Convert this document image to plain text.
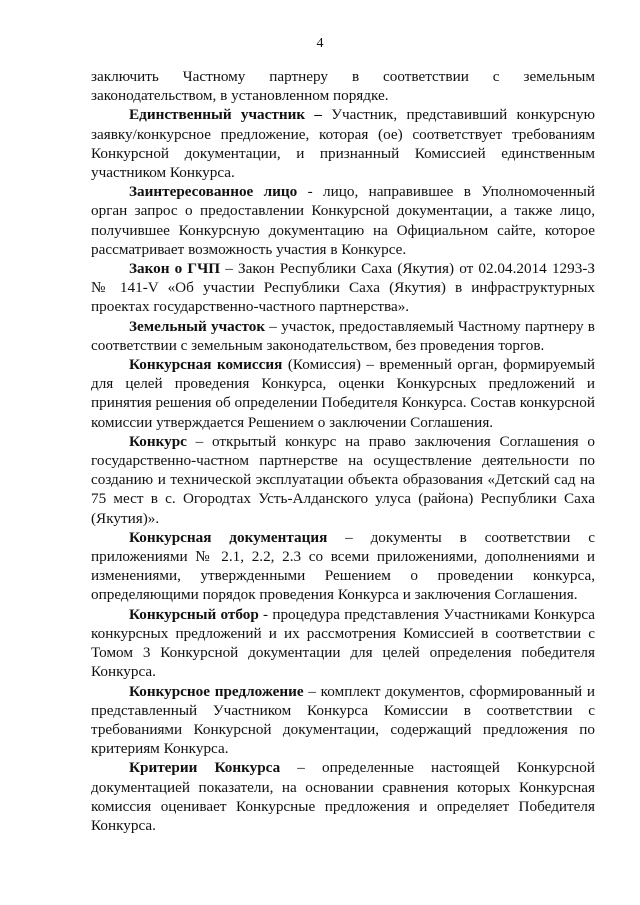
4

заключить Частному партнеру в соответствии с земельным законодательством, в установленном порядке.

Единственный участник – Участник, представивший конкурсную заявку/конкурсное предложение, которая (ое) соответствует требованиям Конкурсной документации, и признанный Комиссией единственным участником Конкурса.

Заинтересованное лицо - лицо, направившее в Уполномоченный орган запрос о предоставлении Конкурсной документации, а также лицо, получившее Конкурсную документацию на Официальном сайте, которое рассматривает возможность участия в Конкурсе.

Закон о ГЧП – Закон Республики Саха (Якутия) от 02.04.2014 1293-З № 141-V «Об участии Республики Саха (Якутия) в инфраструктурных проектах государственно-частного партнерства».

Земельный участок – участок, предоставляемый Частному партнеру в соответствии с земельным законодательством, без проведения торгов.

Конкурсная комиссия (Комиссия) – временный орган, формируемый для целей проведения Конкурса, оценки Конкурсных предложений и принятия решения об определении Победителя Конкурса. Состав конкурсной комиссии утверждается Решением о заключении Соглашения.

Конкурс – открытый конкурс на право заключения Соглашения о государственно-частном партнерстве на осуществление деятельности по созданию и технической эксплуатации объекта образования «Детский сад на 75 мест в с. Огородтах Усть-Алданского улуса (района) Республики Саха (Якутия)».

Конкурсная документация – документы в соответствии с приложениями № 2.1, 2.2, 2.3 со всеми приложениями, дополнениями и изменениями, утвержденными Решением о проведении конкурса, определяющими порядок проведения Конкурса и заключения Соглашения.

Конкурсный отбор - процедура представления Участниками Конкурса конкурсных предложений и их рассмотрения Комиссией в соответствии с Томом 3 Конкурсной документации для целей определения победителя Конкурса.

Конкурсное предложение – комплект документов, сформированный и представленный Участником Конкурса Комиссии в соответствии с требованиями Конкурсной документации, содержащий предложения по критериям Конкурса.

Критерии Конкурса – определенные настоящей Конкурсной документацией показатели, на основании сравнения которых Конкурсная комиссия оценивает Конкурсные предложения и определяет Победителя Конкурса.
